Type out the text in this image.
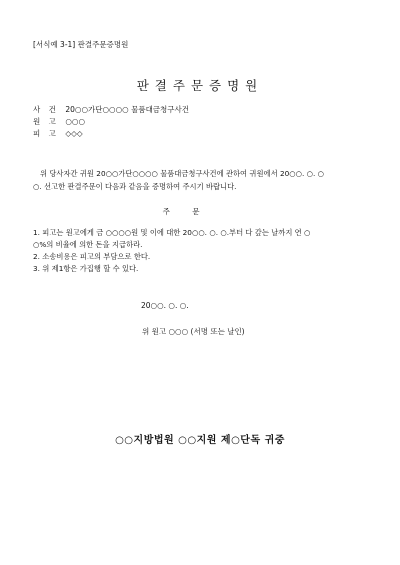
[서식예 3-1] 판결주문증명원
판결주문증명원
사 건 20○○가단○○○○ 물품대금청구사건
원 고 ○○○
피 고 ◇◇◇
위 당사자간 귀원 20○○가단○○○○ 물품대금청구사건에 관하여 귀원에서 20○○. ○. ○
○. 선고한 판결주문이 다음과 같음을 증명하여 주시기 바랍니다.
주 문
1. 피고는 원고에게 금 ○○○○원 및 이에 대한 20○○. ○. ○.부터 다 갚는 날까지 연 ○
○%의 비율에 의한 돈을 지급하라.
2. 소송비용은 피고의 부담으로 한다.
3. 위 제1항은 가집행 할 수 있다.
20○○. ○. ○.
위 원고 ○○○ (서명 또는 날인)
○○지방법원 ○○지원 제○단독 귀중
